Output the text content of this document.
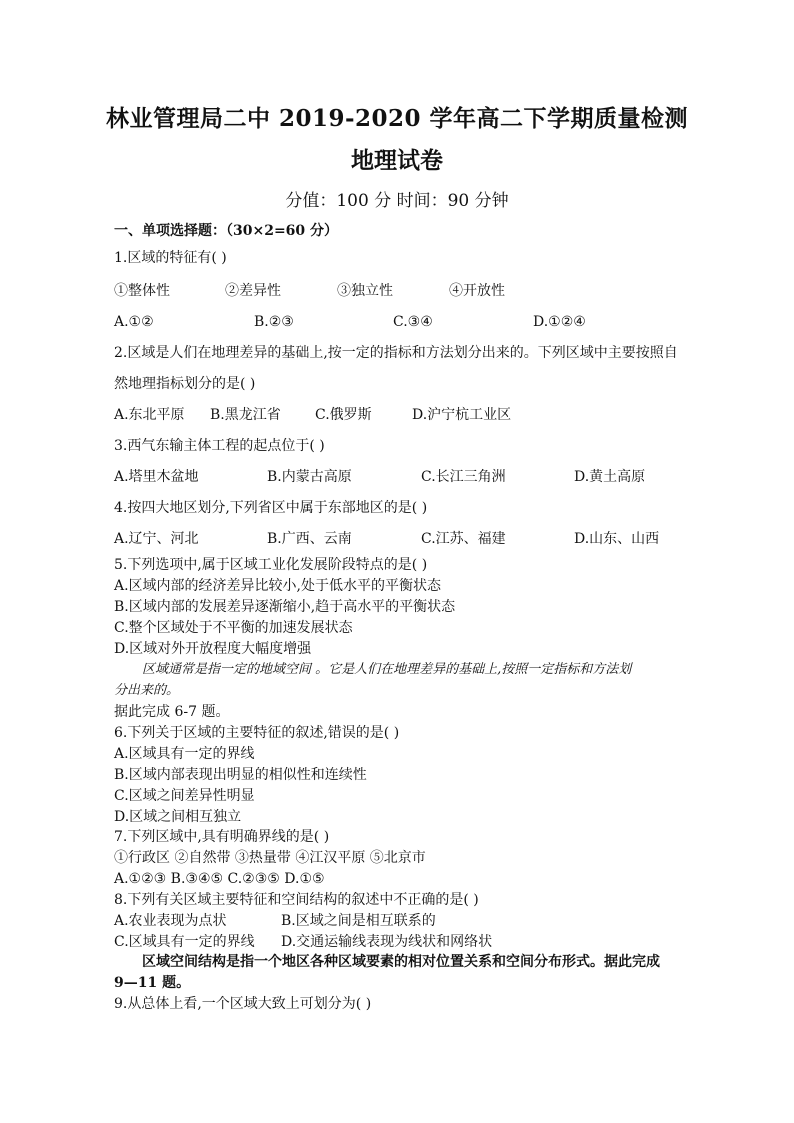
林业管理局二中 2019-2020 学年高二下学期质量检测
地理试卷
分值：100 分 时间：90 分钟
一、单项选择题：（30×2=60 分）
1.区域的特征有( )
①整体性	②差异性	③独立性	④开放性
A.①②	B.②③	C.③④	D.①②④
2.区域是人们在地理差异的基础上,按一定的指标和方法划分出来的。下列区域中主要按照自
然地理指标划分的是( )
A.东北平原 B.黑龙江省 C.俄罗斯	D.沪宁杭工业区
3.西气东输主体工程的起点位于( )
A.塔里木盆地	B.内蒙古高原	C.长江三角洲	D.黄土高原
4.按四大地区划分,下列省区中属于东部地区的是( )
A.辽宁、河北	B.广西、云南	C.江苏、福建	D.山东、山西
5.下列选项中,属于区域工业化发展阶段特点的是( )
A.区域内部的经济差异比较小,处于低水平的平衡状态
B.区域内部的发展差异逐渐缩小,趋于高水平的平衡状态
C.整个区域处于不平衡的加速发展状态
D.区域对外开放程度大幅度增强
区域通常是指一定的地域空间 。它是人们在地理差异的基础上,按照一定指标和方法划
分出来的。
据此完成 6-7 题。
6.下列关于区域的主要特征的叙述,错误的是( )
A.区域具有一定的界线
B.区域内部表现出明显的相似性和连续性
C.区域之间差异性明显
D.区域之间相互独立
7.下列区域中,具有明确界线的是( )
①行政区 ②自然带 ③热量带 ④江汉平原 ⑤北京市
A.①②③ B.③④⑤ C.②③⑤ D.①⑤
8.下列有关区域主要特征和空间结构的叙述中不正确的是( )
A.农业表现为点状	B.区域之间是相互联系的
C.区域具有一定的界线 D.交通运输线表现为线状和网络状
区域空间结构是指一个地区各种区域要素的相对位置关系和空间分布形式。据此完成
9—11 题。
9.从总体上看,一个区域大致上可划分为( )
